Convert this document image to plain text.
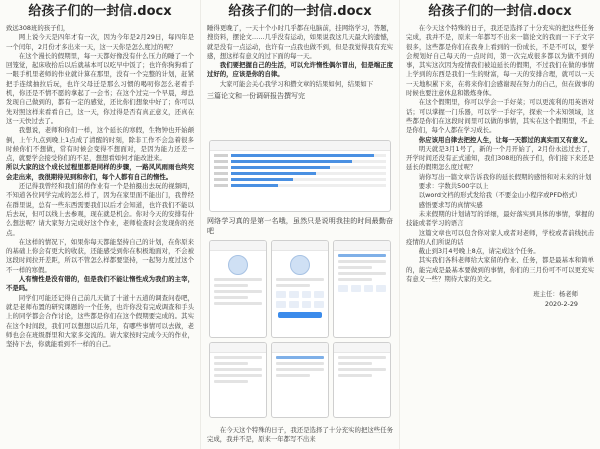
给孩子们的一封信.docx

致远308班的孩子们，

网上说今天是四年才有一次，因为今年是2月29日，每四年是一个闰年，2月份才多出来一天，这一天你是怎么度过的呢？

在这个漫长的假期里，每一天都好像没有什么压力的睡了一个回笼觉，起床收拾后以后就基本可以吃早中饭了；也许你狗狗看了一眼手机里老师的作业就计算在那里，没有一个完整的计划，赶紧把手连续抽拉后玩，也许父母迁是那么习惯的喝叨你怎么老看手机，你还是不情不愿的拿起了一会书；在这个过完一个早晨，却总发现自己做到的，都有一定的感觉，还比你们想象中好了；你可以先对照这样来看看自己，这一天，你过得是否有真正意义，还真在这一天快过去了。

我想说，老师和你们一样，这个延长的寒假，生物钟也开始颠倒，上午九点到晚上1点成了清醒的时刻，除非工作不会急着很多时候你们不想做，常有时候会变得不想面对，是因为能力还差一点，就要学会接受你们的不足，想想看如何才能改进来。

所以大家的这个成长过程里都是同样的步骤，一路风风雨雨也终究会走出来，我很期待见到和你们，每个人都有自己的惰性。

还记得我曾经和我们留的作业有一个是拍摄出去玩的视频吗，不知道各位同学完成的怎么样了，因为在家里面不能出门，我曾经在群里说，总有一些东西需要我们以后才会知道，也许我们不能以后去玩，但可以线上去参观，现在就是机会。你对今天的安排有什么想法呢？请大家努力完成好这个作业，老师检查时会发现你的亮点。

在这样的情况下，如果你每天都能坚持自己的计划，在你原来的基础上你会有更大的收获，还能感受到你在积极地面对，不会被这段时间拉开差距，所以不管怎么样都要坚持，一起努力度过这个不一样的寒假。

人有惰性是没有错的，但是我们不能让惰性成为我们的主宰，不是吗。

同学们可能还记得自己前几天做了十道十五道的调查问卷吧，就是老师布置的研究课题的一个任务，也许你没有完成调查和手头上的同学都会合作讨论，这些都是你们在这个假期要完成的。其实在这个时间段，我们可以想想以后几年，有哪些事情可以去做，老师也会在班级群里和大家多交流的。请大家按时完成今天的作业，坚持下去，你就能看到不一样的自己。

给孩子们的一封信.docx

睡得更晚了，一天十个小时几乎都在电脑前，挂网络学习，答题，搜资料，摆论文……几乎没有运动，如果说我这几天最大的遗憾，就是没有一点运动，也许有一点我也做不到，但是我觉得我有充实感，想这样有意义的过下面的每一天。

我们要把握自己的生活，可以允许惰性偶尔冒出，但是端正度过好的，应该是你的自律。

大家可能会关心我学习和攒文章的结果如何，结果如下

三篇论文和一份调研报告撰写完

网络学习真的是第一名哦，虽然只是说明我挂的时间最勤奋吧

在今天这个特殊的日子，我还是选择了十分充实的把这些任务完成，我并不是，原来一年都写不出来

给孩子们的一封信.docx

在今天这个特殊的日子，我还是选择了十分充实的把这些任务完成，我并不是，原来一年都写不出来一篇论文的我而一下子文字很多，这些都是你们在我身上看到的一份成长，不是不可以，要学会规划好自己每天的一点时间，第一次完成很多都以为做不到的事，其实这次因为疫情我们被迫延长的假期，不过我们在做的事情上学到的东西是我们一生的财富，每一天的安排合理，就可以一天一天地积累下来，在将来你们会感谢现在努力的自己，但在做事的时候也要注意休息和锻炼身体。

在这个假期里，你可以学会一手好菜；可以更流利的用英语对话；可以掌握一门乐器，可以学一手好字，探索一个未知领域，这些都是你们在这段时间里可以做的事情，其实在这个假期里，不止是你们，每个人都在学习成长。

你应该用自律去把控人生，让每一天都过的真实而又有意义。

明天就是3月1号了，新的一个月开始了，2月份永远过去了，开学时间还没有正式通知，我们308班的孩子们，你们接下来还是延长的假期怎么度过呢？

请你写出一篇文章告诉我你的延长假期的感悟和对未来的计划

要求：字数共500字以上

以word文档的形式发给我（不要金山小程序或PFD格式）

感悟要求写的真情实感

未来假期的计划请写的详细，最好落实到具体的事情，掌握的技能或者学习的语言

这篇文章也可以包含你对家人或者对老师，学校或者前线抗击疫情的人们所说的话

截止到3月4号晚上8点，请完成这个任务。

其实我们各科老师给大家留的作业、任务，都是最基本和简单的，能完成是最基本要做到的事情，你们的三月份可不可以更充实有意义一些？期待大家的美文。

班主任：杨老师

2020-2-29
